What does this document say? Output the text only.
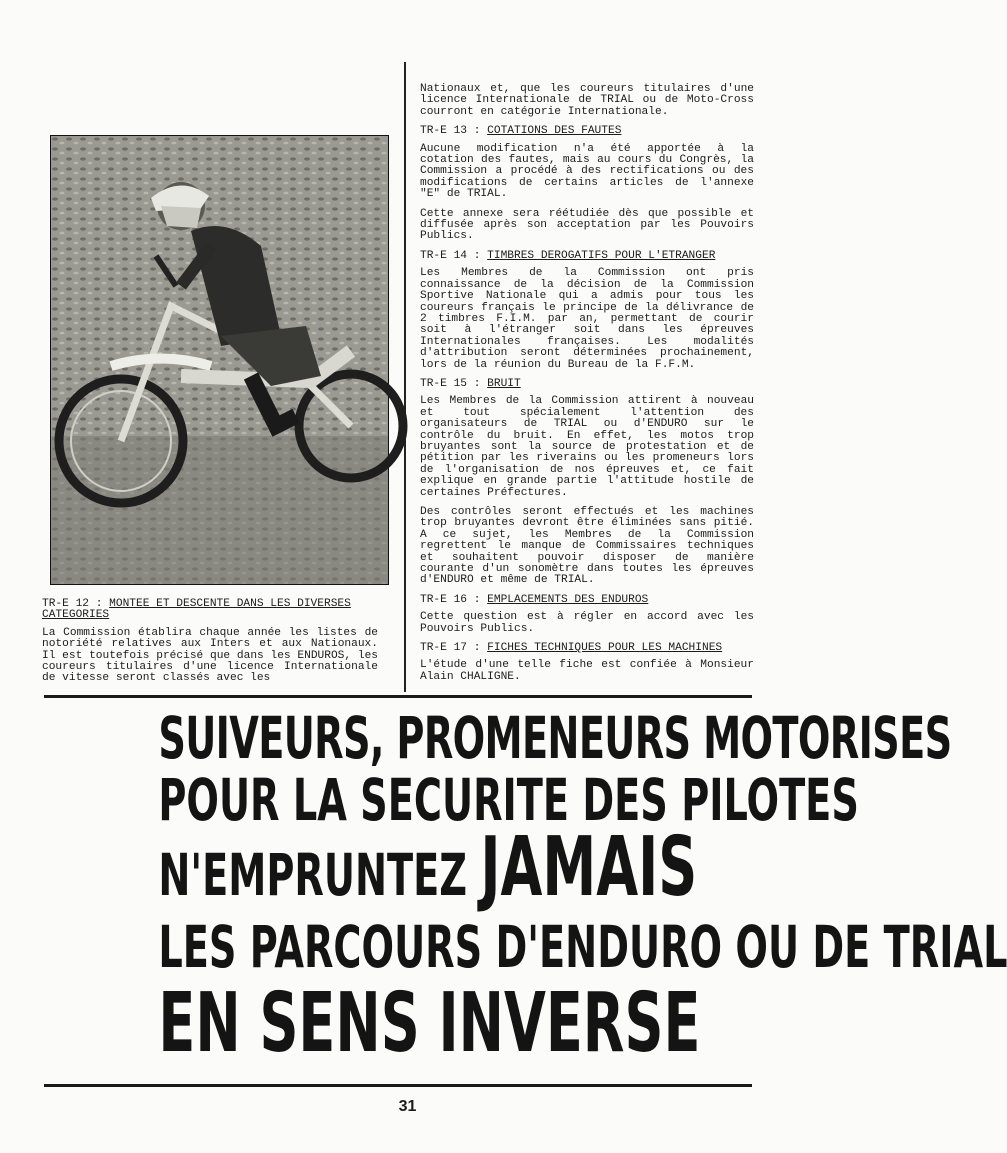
TR-E 12 : MONTEE ET DESCENTE DANS LES DIVERSES CATEGORIES

La Commission établira chaque année les listes de notoriété relatives aux Inters et aux Nationaux. Il est toutefois précisé que dans les ENDUROS, les coureurs titulaires d'une licence Internationale de vitesse seront classés avec les

Nationaux et, que les coureurs titulaires d'une licence Internationale de TRIAL ou de Moto-Cross courront en catégorie Internationale.

TR-E 13 : COTATIONS DES FAUTES

Aucune modification n'a été apportée à la cotation des fautes, mais au cours du Congrès, la Commission a procédé à des rectifications ou des modifications de certains articles de l'annexe "E" de TRIAL.

Cette annexe sera réétudiée dès que possible et diffusée après son acceptation par les Pouvoirs Publics.

TR-E 14 : TIMBRES DEROGATIFS POUR L'ETRANGER

Les Membres de la Commission ont pris connaissance de la décision de la Commission Sportive Nationale qui a admis pour tous les coureurs français le principe de la délivrance de 2 timbres F.I.M. par an, permettant de courir soit à l'étranger soit dans les épreuves Internationales françaises. Les modalités d'attribution seront déterminées prochainement, lors de la réunion du Bureau de la F.F.M.

TR-E 15 : BRUIT

Les Membres de la Commission attirent à nouveau et tout spécialement l'attention des organisateurs de TRIAL ou d'ENDURO sur le contrôle du bruit. En effet, les motos trop bruyantes sont la source de protestation et de pétition par les riverains ou les promeneurs lors de l'organisation de nos épreuves et, ce fait explique en grande partie l'attitude hostile de certaines Préfectures.

Des contrôles seront effectués et les machines trop bruyantes devront être éliminées sans pitié. A ce sujet, les Membres de la Commission regrettent le manque de Commissaires techniques et souhaitent pouvoir disposer de manière courante d'un sonomètre dans toutes les épreuves d'ENDURO et même de TRIAL.

TR-E 16 : EMPLACEMENTS DES ENDUROS

Cette question est à régler en accord avec les Pouvoirs Publics.

TR-E 17 : FICHES TECHNIQUES POUR LES MACHINES

L'étude d'une telle fiche est confiée à Monsieur Alain CHALIGNE.

SUIVEURS, PROMENEURS MOTORISES
POUR LA SECURITE DES PILOTES
N'EMPRUNTEZ JAMAIS
LES PARCOURS D'ENDURO OU DE TRIAL
EN SENS INVERSE
31
